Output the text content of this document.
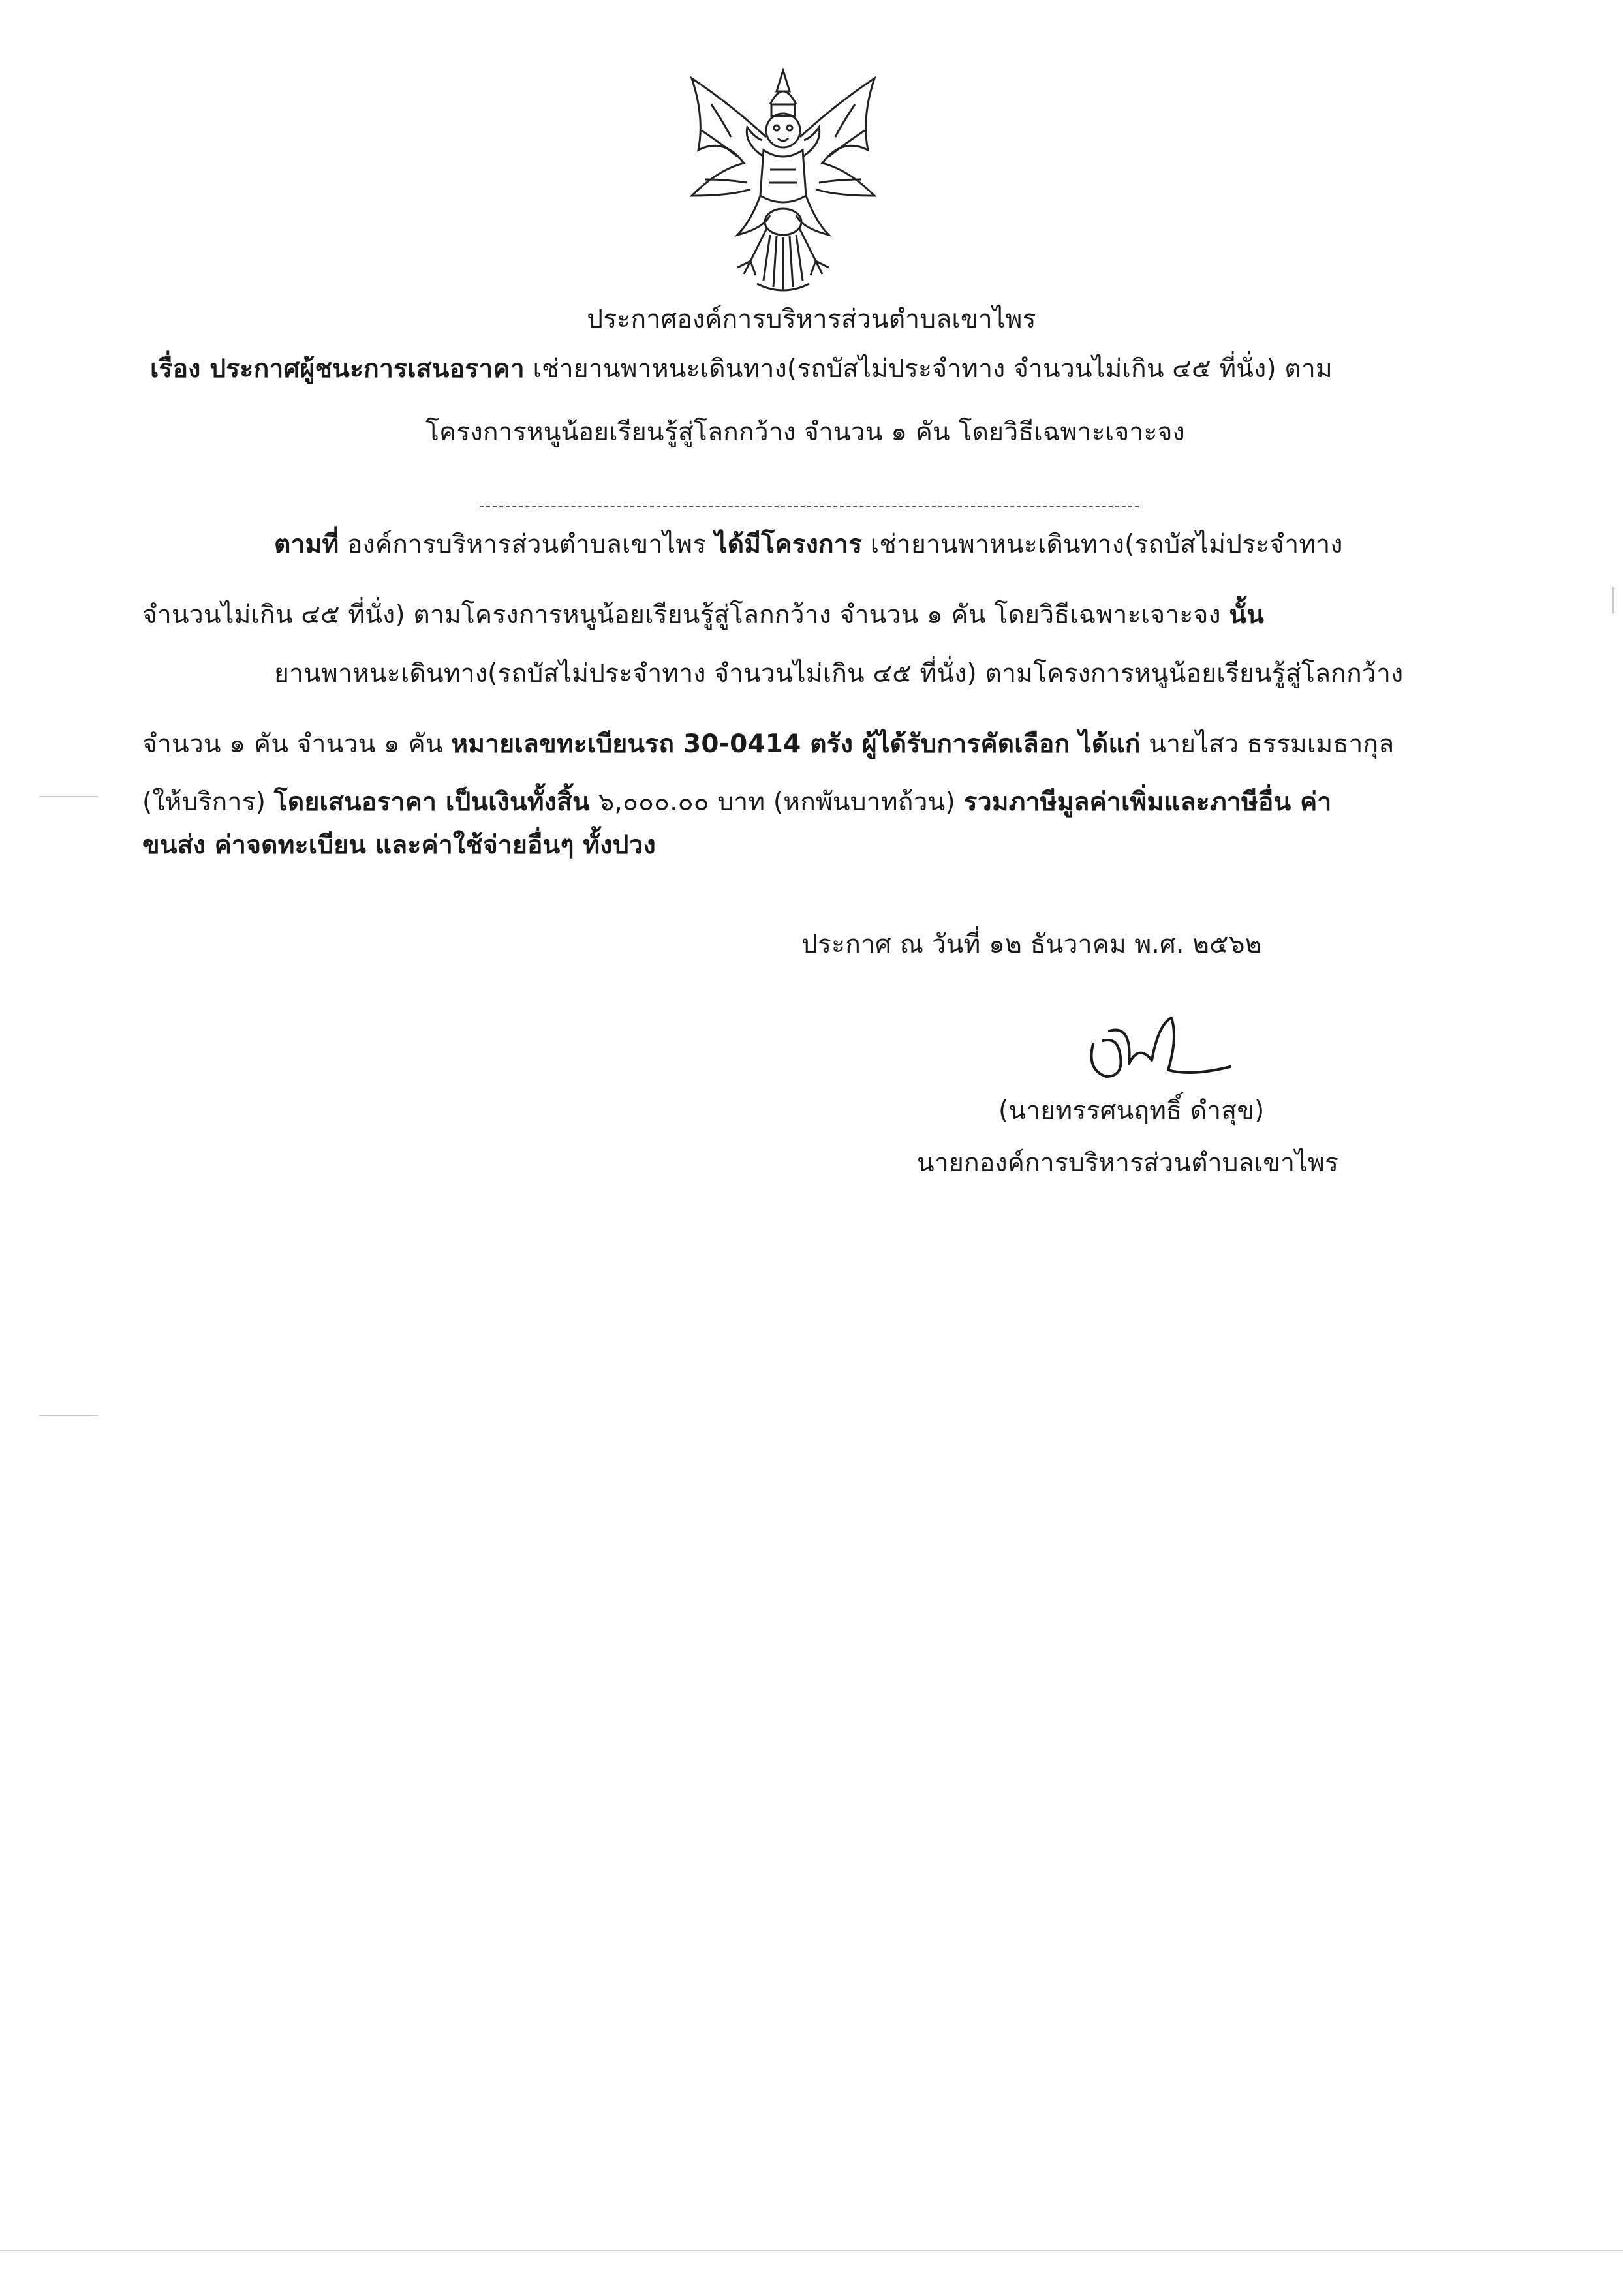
ประกาศองค์การบริหารส่วนตำบลเขาไพร
เรื่อง ประกาศผู้ชนะการเสนอราคา เช่ายานพาหนะเดินทาง(รถบัสไม่ประจำทาง จำนวนไม่เกิน ๔๕ ที่นั่ง) ตาม
โครงการหนูน้อยเรียนรู้สู่โลกกว้าง จำนวน ๑ คัน โดยวิธีเฉพาะเจาะจง
ตามที่ องค์การบริหารส่วนตำบลเขาไพร ได้มีโครงการ เช่ายานพาหนะเดินทาง(รถบัสไม่ประจำทาง
จำนวนไม่เกิน ๔๕ ที่นั่ง) ตามโครงการหนูน้อยเรียนรู้สู่โลกกว้าง จำนวน ๑ คัน โดยวิธีเฉพาะเจาะจง นั้น
ยานพาหนะเดินทาง(รถบัสไม่ประจำทาง จำนวนไม่เกิน ๔๕ ที่นั่ง) ตามโครงการหนูน้อยเรียนรู้สู่โลกกว้าง
จำนวน ๑ คัน จำนวน ๑ คัน หมายเลขทะเบียนรถ 30-0414 ตรัง ผู้ได้รับการคัดเลือก ได้แก่ นายไสว ธรรมเมธากุล
(ให้บริการ) โดยเสนอราคา เป็นเงินทั้งสิ้น ๖,๐๐๐.๐๐ บาท (หกพันบาทถ้วน) รวมภาษีมูลค่าเพิ่มและภาษีอื่น ค่า
ขนส่ง ค่าจดทะเบียน และค่าใช้จ่ายอื่นๆ ทั้งปวง
ประกาศ ณ วันที่ ๑๒ ธันวาคม พ.ศ. ๒๕๖๒
(นายทรรศนฤทธิ์ ดำสุข)
นายกองค์การบริหารส่วนตำบลเขาไพร
